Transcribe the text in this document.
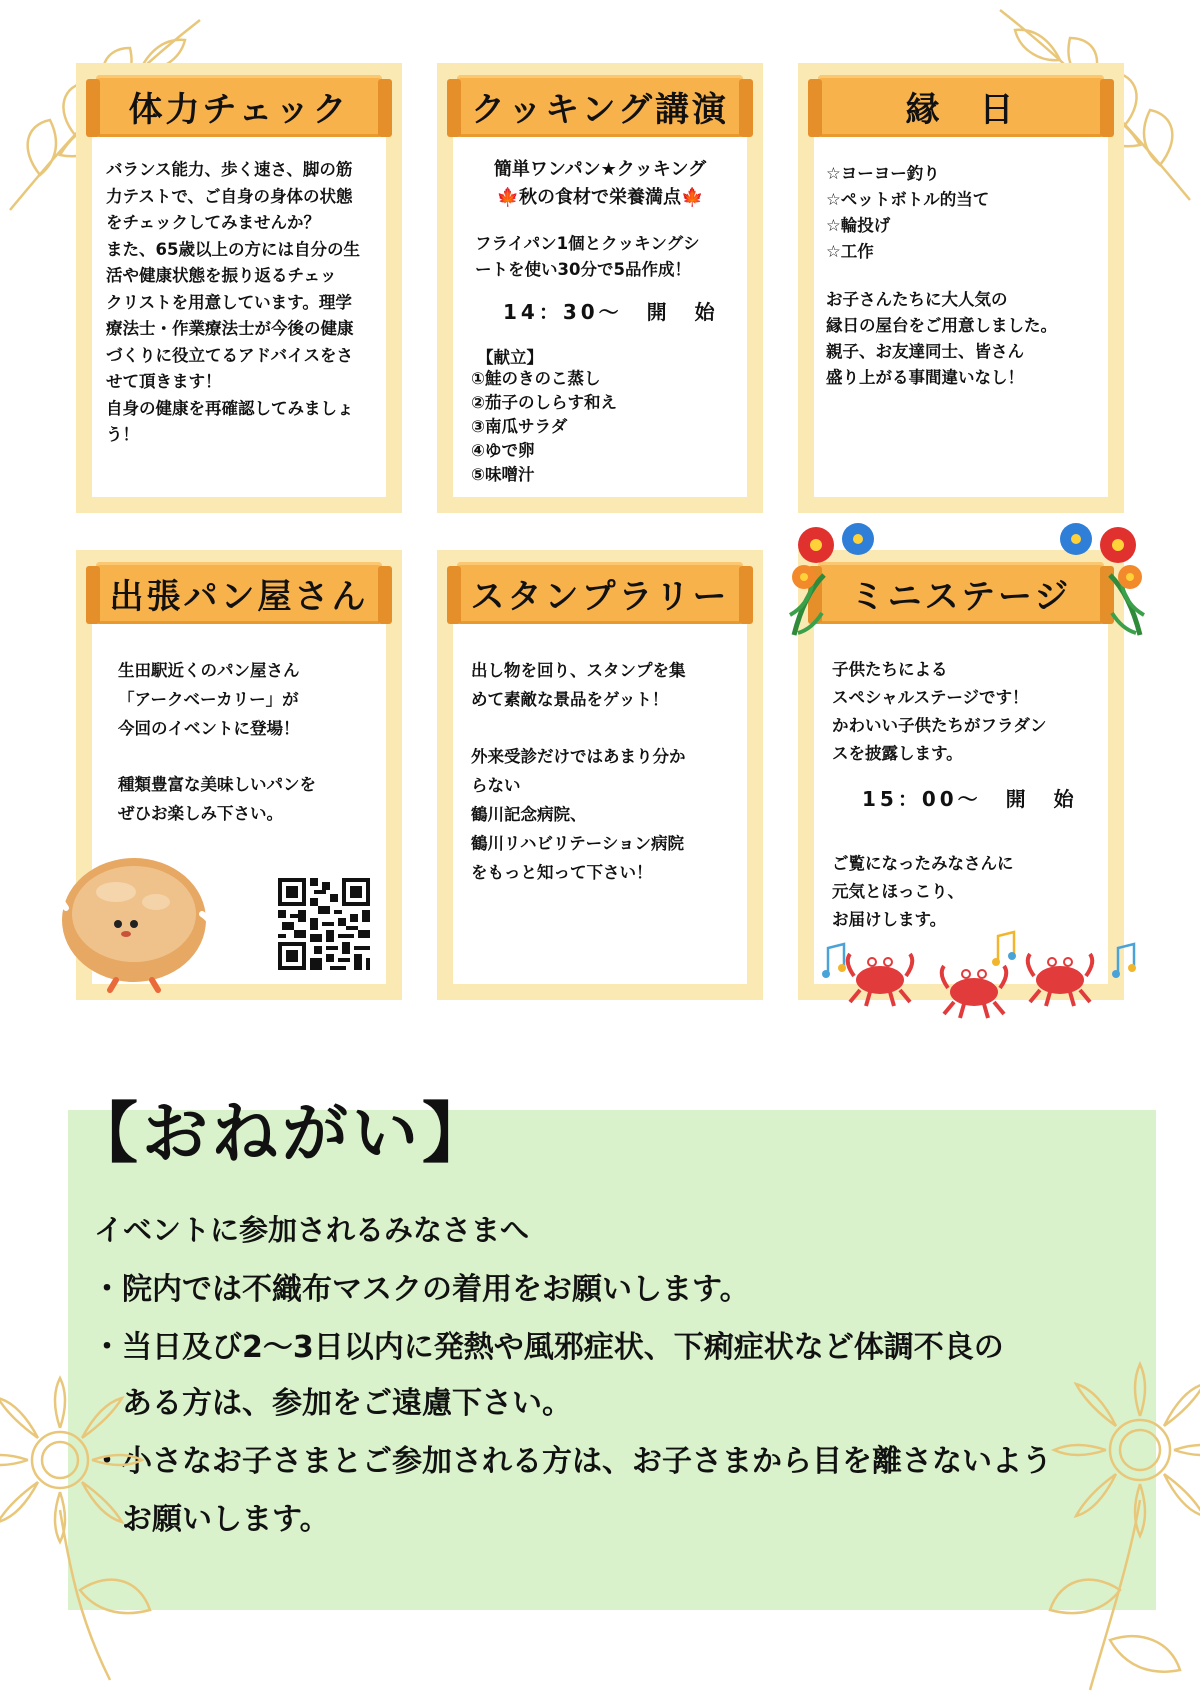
体力チェック
バランス能力、歩く速さ、脚の筋
力テストで、ご自身の身体の状態
をチェックしてみませんか？
また、65歳以上の方には自分の生
活や健康状態を振り返るチェッ
クリストを用意しています。理学
療法士・作業療法士が今後の健康
づくりに役立てるアドバイスをさ
せて頂きます！
自身の健康を再確認してみましょ
う！
クッキング講演
簡単ワンパン★クッキング
🍁秋の食材で栄養満点🍁
フライパン1個とクッキングシ
ートを使い30分で5品作成！
14：30～　開　始
【献立】
①鮭のきのこ蒸し
②茄子のしらす和え
③南瓜サラダ
④ゆで卵
⑤味噌汁
縁　日
☆ヨーヨー釣り
☆ペットボトル的当て
☆輪投げ
☆工作
お子さんたちに大人気の
縁日の屋台をご用意しました。
親子、お友達同士、皆さん
盛り上がる事間違いなし！
出張パン屋さん
生田駅近くのパン屋さん
「アークベーカリー」が
今回のイベントに登場！
種類豊富な美味しいパンを
ぜひお楽しみ下さい。
スタンプラリー
出し物を回り、スタンプを集
めて素敵な景品をゲット！
外来受診だけではあまり分か
らない
鶴川記念病院、
鶴川リハビリテーション病院
をもっと知って下さい！
ミニステージ
子供たちによる
スペシャルステージです！
かわいい子供たちがフラダン
スを披露します。
15：00～　開　始
ご覧になったみなさんに
元気とほっこり、
お届けします。
【おねがい】
イベントに参加されるみなさまへ
・院内では不織布マスクの着用をお願いします。
・当日及び2～3日以内に発熱や風邪症状、下痢症状など体調不良の
　ある方は、参加をご遠慮下さい。
・小さなお子さまとご参加される方は、お子さまから目を離さないよう
　お願いします。
